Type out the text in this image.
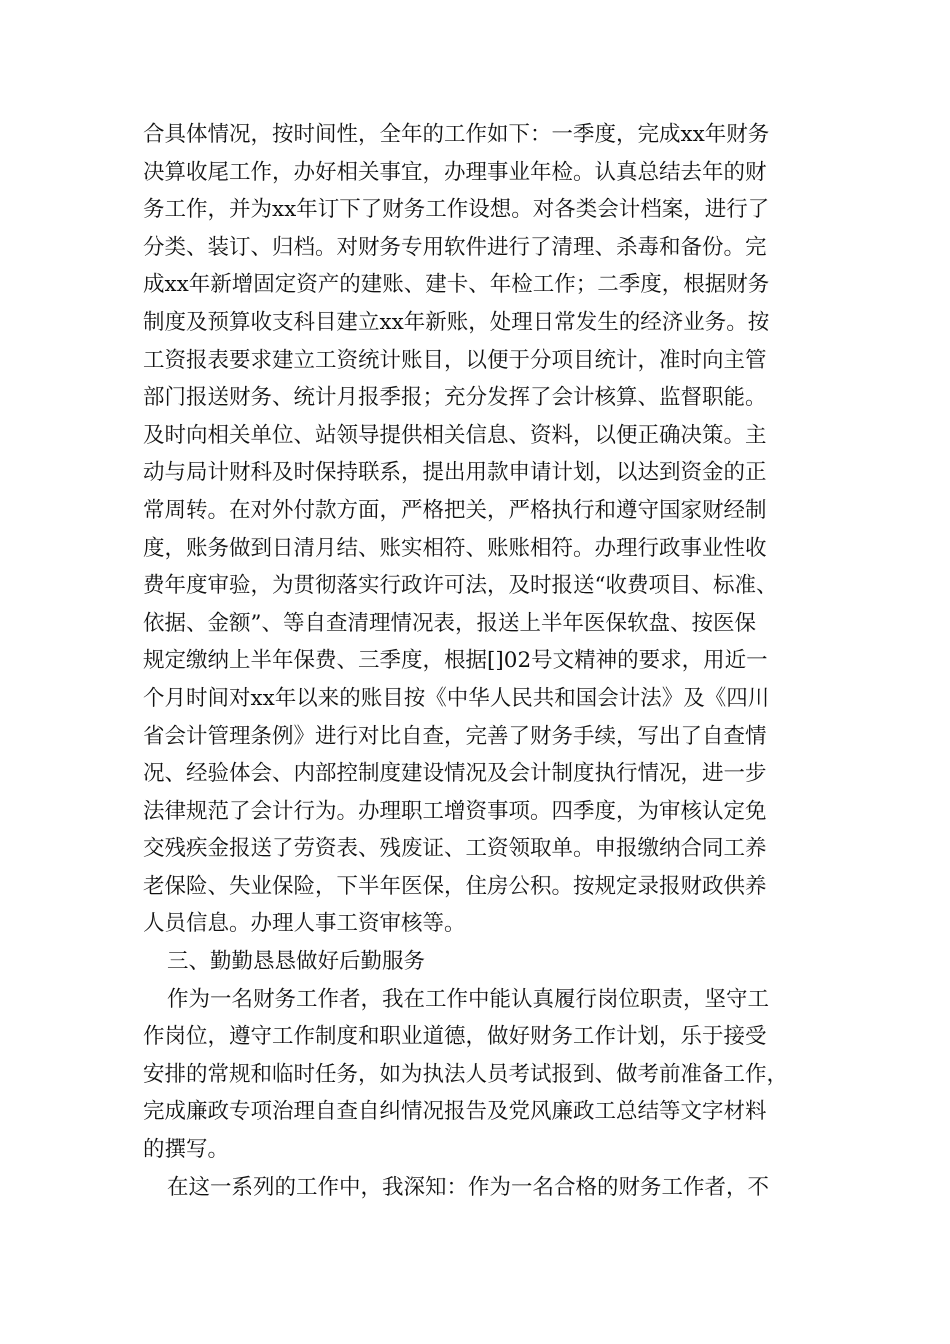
合具体情况，按时间性，全年的工作如下：一季度，完成xx年财务
决算收尾工作，办好相关事宜，办理事业年检。认真总结去年的财
务工作，并为xx年订下了财务工作设想。对各类会计档案，进行了
分类、装订、归档。对财务专用软件进行了清理、杀毒和备份。完
成xx年新增固定资产的建账、建卡、年检工作；二季度，根据财务
制度及预算收支科目建立xx年新账，处理日常发生的经济业务。按
工资报表要求建立工资统计账目，以便于分项目统计，准时向主管
部门报送财务、统计月报季报；充分发挥了会计核算、监督职能。
及时向相关单位、站领导提供相关信息、资料，以便正确决策。主
动与局计财科及时保持联系，提出用款申请计划，以达到资金的正
常周转。在对外付款方面，严格把关，严格执行和遵守国家财经制
度，账务做到日清月结、账实相符、账账相符。办理行政事业性收
费年度审验，为贯彻落实行政许可法，及时报送“收费项目、标准、
依据、金额”、等自查清理情况表，报送上半年医保软盘、按医保
规定缴纳上半年保费、三季度，根据[]02号文精神的要求，用近一
个月时间对xx年以来的账目按《中华人民共和国会计法》及《四川
省会计管理条例》进行对比自查，完善了财务手续，写出了自查情
况、经验体会、内部控制度建设情况及会计制度执行情况，进一步
法律规范了会计行为。办理职工增资事项。四季度，为审核认定免
交残疾金报送了劳资表、残废证、工资领取单。申报缴纳合同工养
老保险、失业保险，下半年医保，住房公积。按规定录报财政供养
人员信息。办理人事工资审核等。
三、勤勤恳恳做好后勤服务
作为一名财务工作者，我在工作中能认真履行岗位职责，坚守工
作岗位，遵守工作制度和职业道德，做好财务工作计划，乐于接受
安排的常规和临时任务，如为执法人员考试报到、做考前准备工作，
完成廉政专项治理自查自纠情况报告及党风廉政工总结等文字材料
的撰写。
在这一系列的工作中，我深知：作为一名合格的财务工作者，不
